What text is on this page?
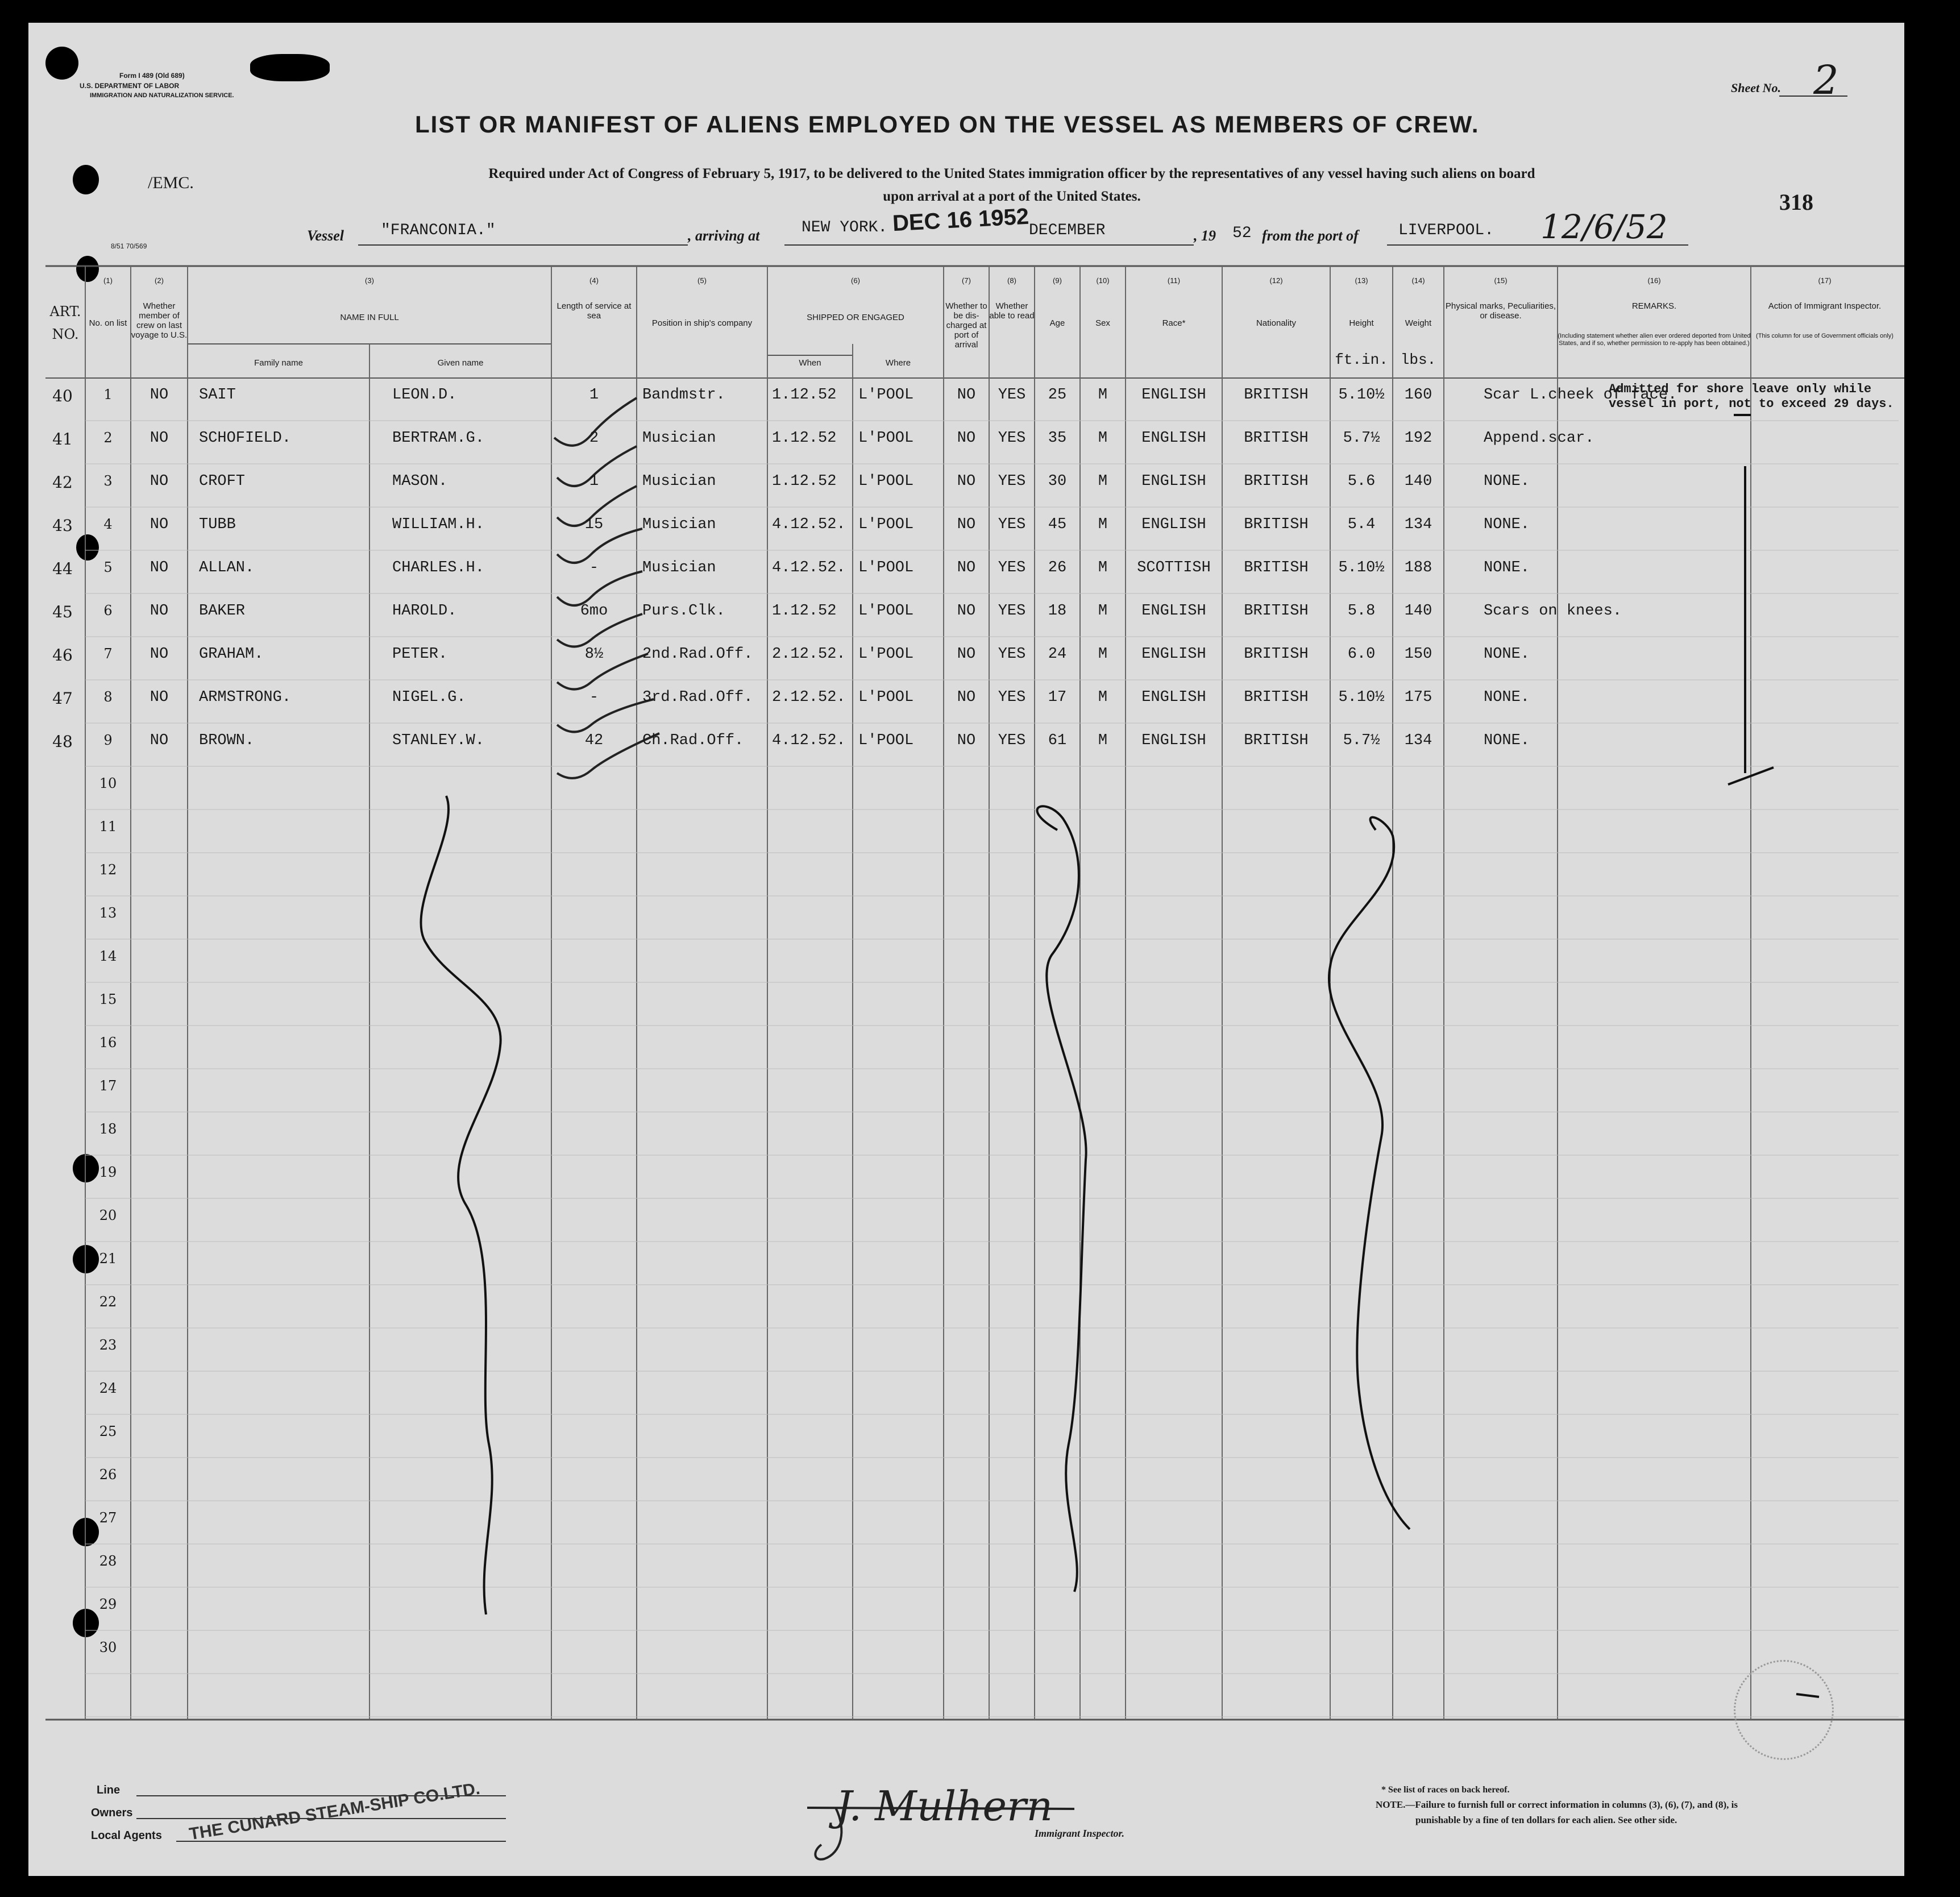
Form I 489 (Old 689)
U.S. DEPARTMENT OF LABOR
IMMIGRATION AND NATURALIZATION SERVICE.
/EMC.
8/51 70/569
Sheet No. 2
LIST OR MANIFEST OF ALIENS EMPLOYED ON THE VESSEL AS MEMBERS OF CREW.
Required under Act of Congress of February 5, 1917, to be delivered to the United States immigration officer by the representatives of any vessel having such aliens on board
upon arrival at a port of the United States.	318
Vessel "FRANCONIA."	, arriving at	NEW YORK. DEC 16 1952
DECEMBER	, 19 52 from the port of	LIVERPOOL. 12/6/52
J. Mulhern
Immigrant Inspector.
ART.
NO.
(1)
No. on list
(2)
Whether member of crew on last voyage to U.S.
(4)
Length of service at sea
(5)
Position in ship's company
(7)
Whether to be dis-charged at port of arrival
(8)
Whether able to read
(9)
Age
(10)
Sex
(11)
Race*
(12)
Nationality
(13)
Height
(14)
Weight
(15)
Physical marks, Peculiarities, or disease.
(16)
REMARKS.
(17)
Action of Immigrant Inspector.
(3)
NAME IN FULL
Family name	Given name
(6)
SHIPPED OR ENGAGED
When	Where	ft.in. lbs.
(Including statement whether alien ever ordered deported from United States, and if so, whether permission to re-apply has been obtained.)
(This column for use of Government officials only)
Admitted for shore leave only while vessel in port, not to exceed 29 days.
40	1	NO	SAIT	LEON.D.	1	Bandmstr.	1.12.52 L'POOL	NO	YES	25	M	ENGLISH	BRITISH	5.10½	160	Scar L.cheek of face.
41	2	NO	SCHOFIELD.	BERTRAM.G.	2	Musician	1.12.52 L'POOL	NO	YES	35	M	ENGLISH	BRITISH	5.7½	192	Append.scar.
42	3	NO	CROFT	MASON.	1	Musician	1.12.52 L'POOL	NO	YES	30	M	ENGLISH	BRITISH	5.6	140	NONE.
43	4	NO	TUBB	WILLIAM.H.	15	Musician	4.12.52. L'POOL	NO	YES	45	M	ENGLISH	BRITISH	5.4	134	NONE.
44	5	NO	ALLAN.	CHARLES.H.	-	Musician	4.12.52. L'POOL	NO	YES	26	M	SCOTTISH	BRITISH	5.10½	188	NONE.
45	6	NO	BAKER	HAROLD.	6mo	Purs.Clk.	1.12.52 L'POOL	NO	YES	18	M	ENGLISH	BRITISH	5.8	140	Scars on knees.
46	7	NO	GRAHAM.	PETER.	8½	2nd.Rad.Off. 2.12.52. L'POOL	NO	YES	24	M	ENGLISH	BRITISH	6.0	150	NONE.
47	8	NO	ARMSTRONG.	NIGEL.G.	-	3rd.Rad.Off. 2.12.52. L'POOL	NO	YES	17	M	ENGLISH	BRITISH	5.10½	175	NONE.
48	9	NO	BROWN.	STANLEY.W.	42	Ch.Rad.Off. 4.12.52. L'POOL	NO	YES	61	M	ENGLISH	BRITISH	5.7½	134	NONE.
10
11
12
13
14
15
16
17
18
19
20
21
22
23
24
25
26
27
28
29
30
Line
Owners
Local Agents THE CUNARD STEAM-SHIP CO.LTD.	* See list of races on back hereof.
NOTE.—Failure to furnish full or correct information in columns (3), (6), (7), and (8), is
punishable by a fine of ten dollars for each alien. See other side.
